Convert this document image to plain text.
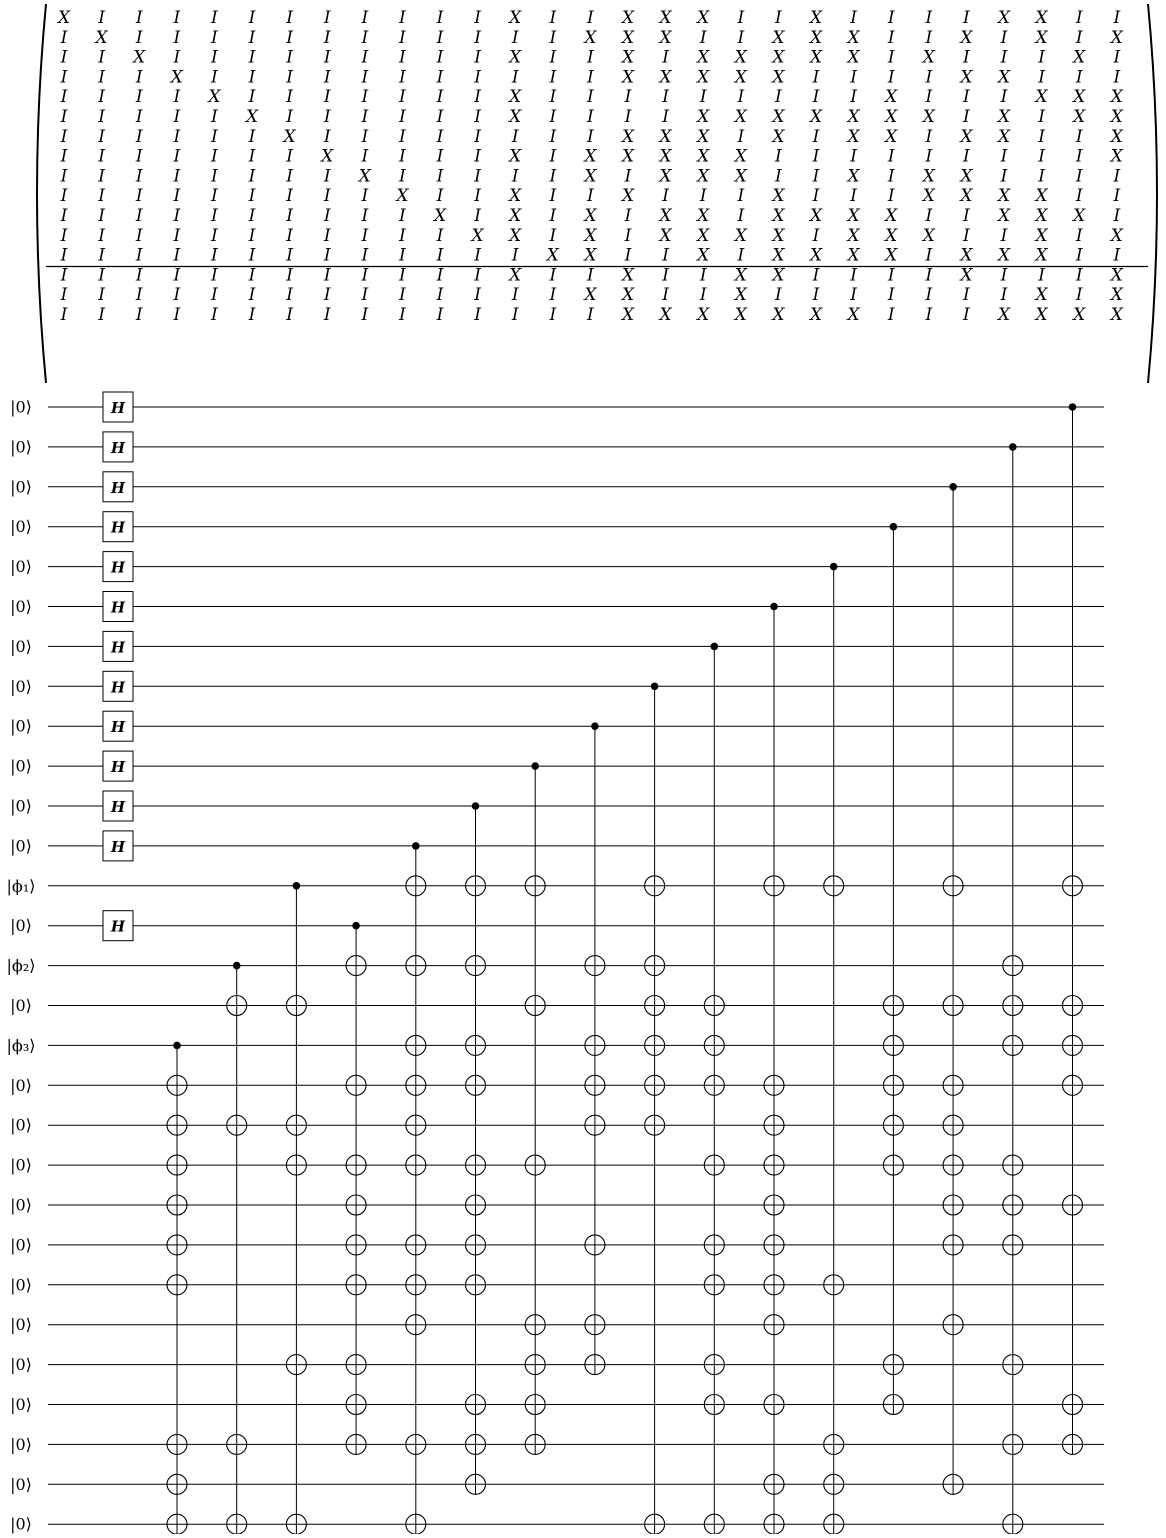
X I I I I I I I I I I I X I I X X X I I X I I I I X X I I
I X I I I I I I I I I I I I X X X I I X X X I I X I X I X
I I X I I I I I I I I I X I I X I X X X X X I X I I I X I
I I I X I I I I I I I I I I I X X X X X I I I I X X I I I
I I I I X I I I I I I I X I I I I I I I I I X I I I X X X
I I I I I X I I I I I I X I I I I X X X X X X X I X I X X
I I I I I I X I I I I I I I I X X X I X I X X I X X I I X
I I I I I I I X I I I I X I X X X X X I I I I I I I I I X
I I I I I I I I X I I I I I X I X X X I I X I X X I I I I
I I I I I I I I I X I I X I I X I I I X I I I X X X X I I
I I I I I I I I I I X I X I X I X X I X X X X I I X X X I
I I I I I I I I I I I X X I X I X X X X I X X X I I X I X
I I I I I I I I I I I I I X X I I X I X X X X I X X X I I
I I I I I I I I I I I I X I I X I I X X I I I I X I I I X
I I I I I I I I I I I I I I X X I I X I I I I I I I X I X
I I I I I I I I I I I I I I I X X X X X X X I I I X X X X
|0⟩	H
|0⟩	H
|0⟩	H
|0⟩	H
|0⟩	H
|0⟩	H
|0⟩	H
|0⟩	H
|0⟩	H
|0⟩	H
|0⟩	H
|0⟩	H
|ϕ₁⟩
|0⟩	H
|ϕ₂⟩
|0⟩
|ϕ₃⟩
|0⟩
|0⟩
|0⟩
|0⟩
|0⟩
|0⟩
|0⟩
|0⟩
|0⟩
|0⟩
|0⟩
|0⟩
